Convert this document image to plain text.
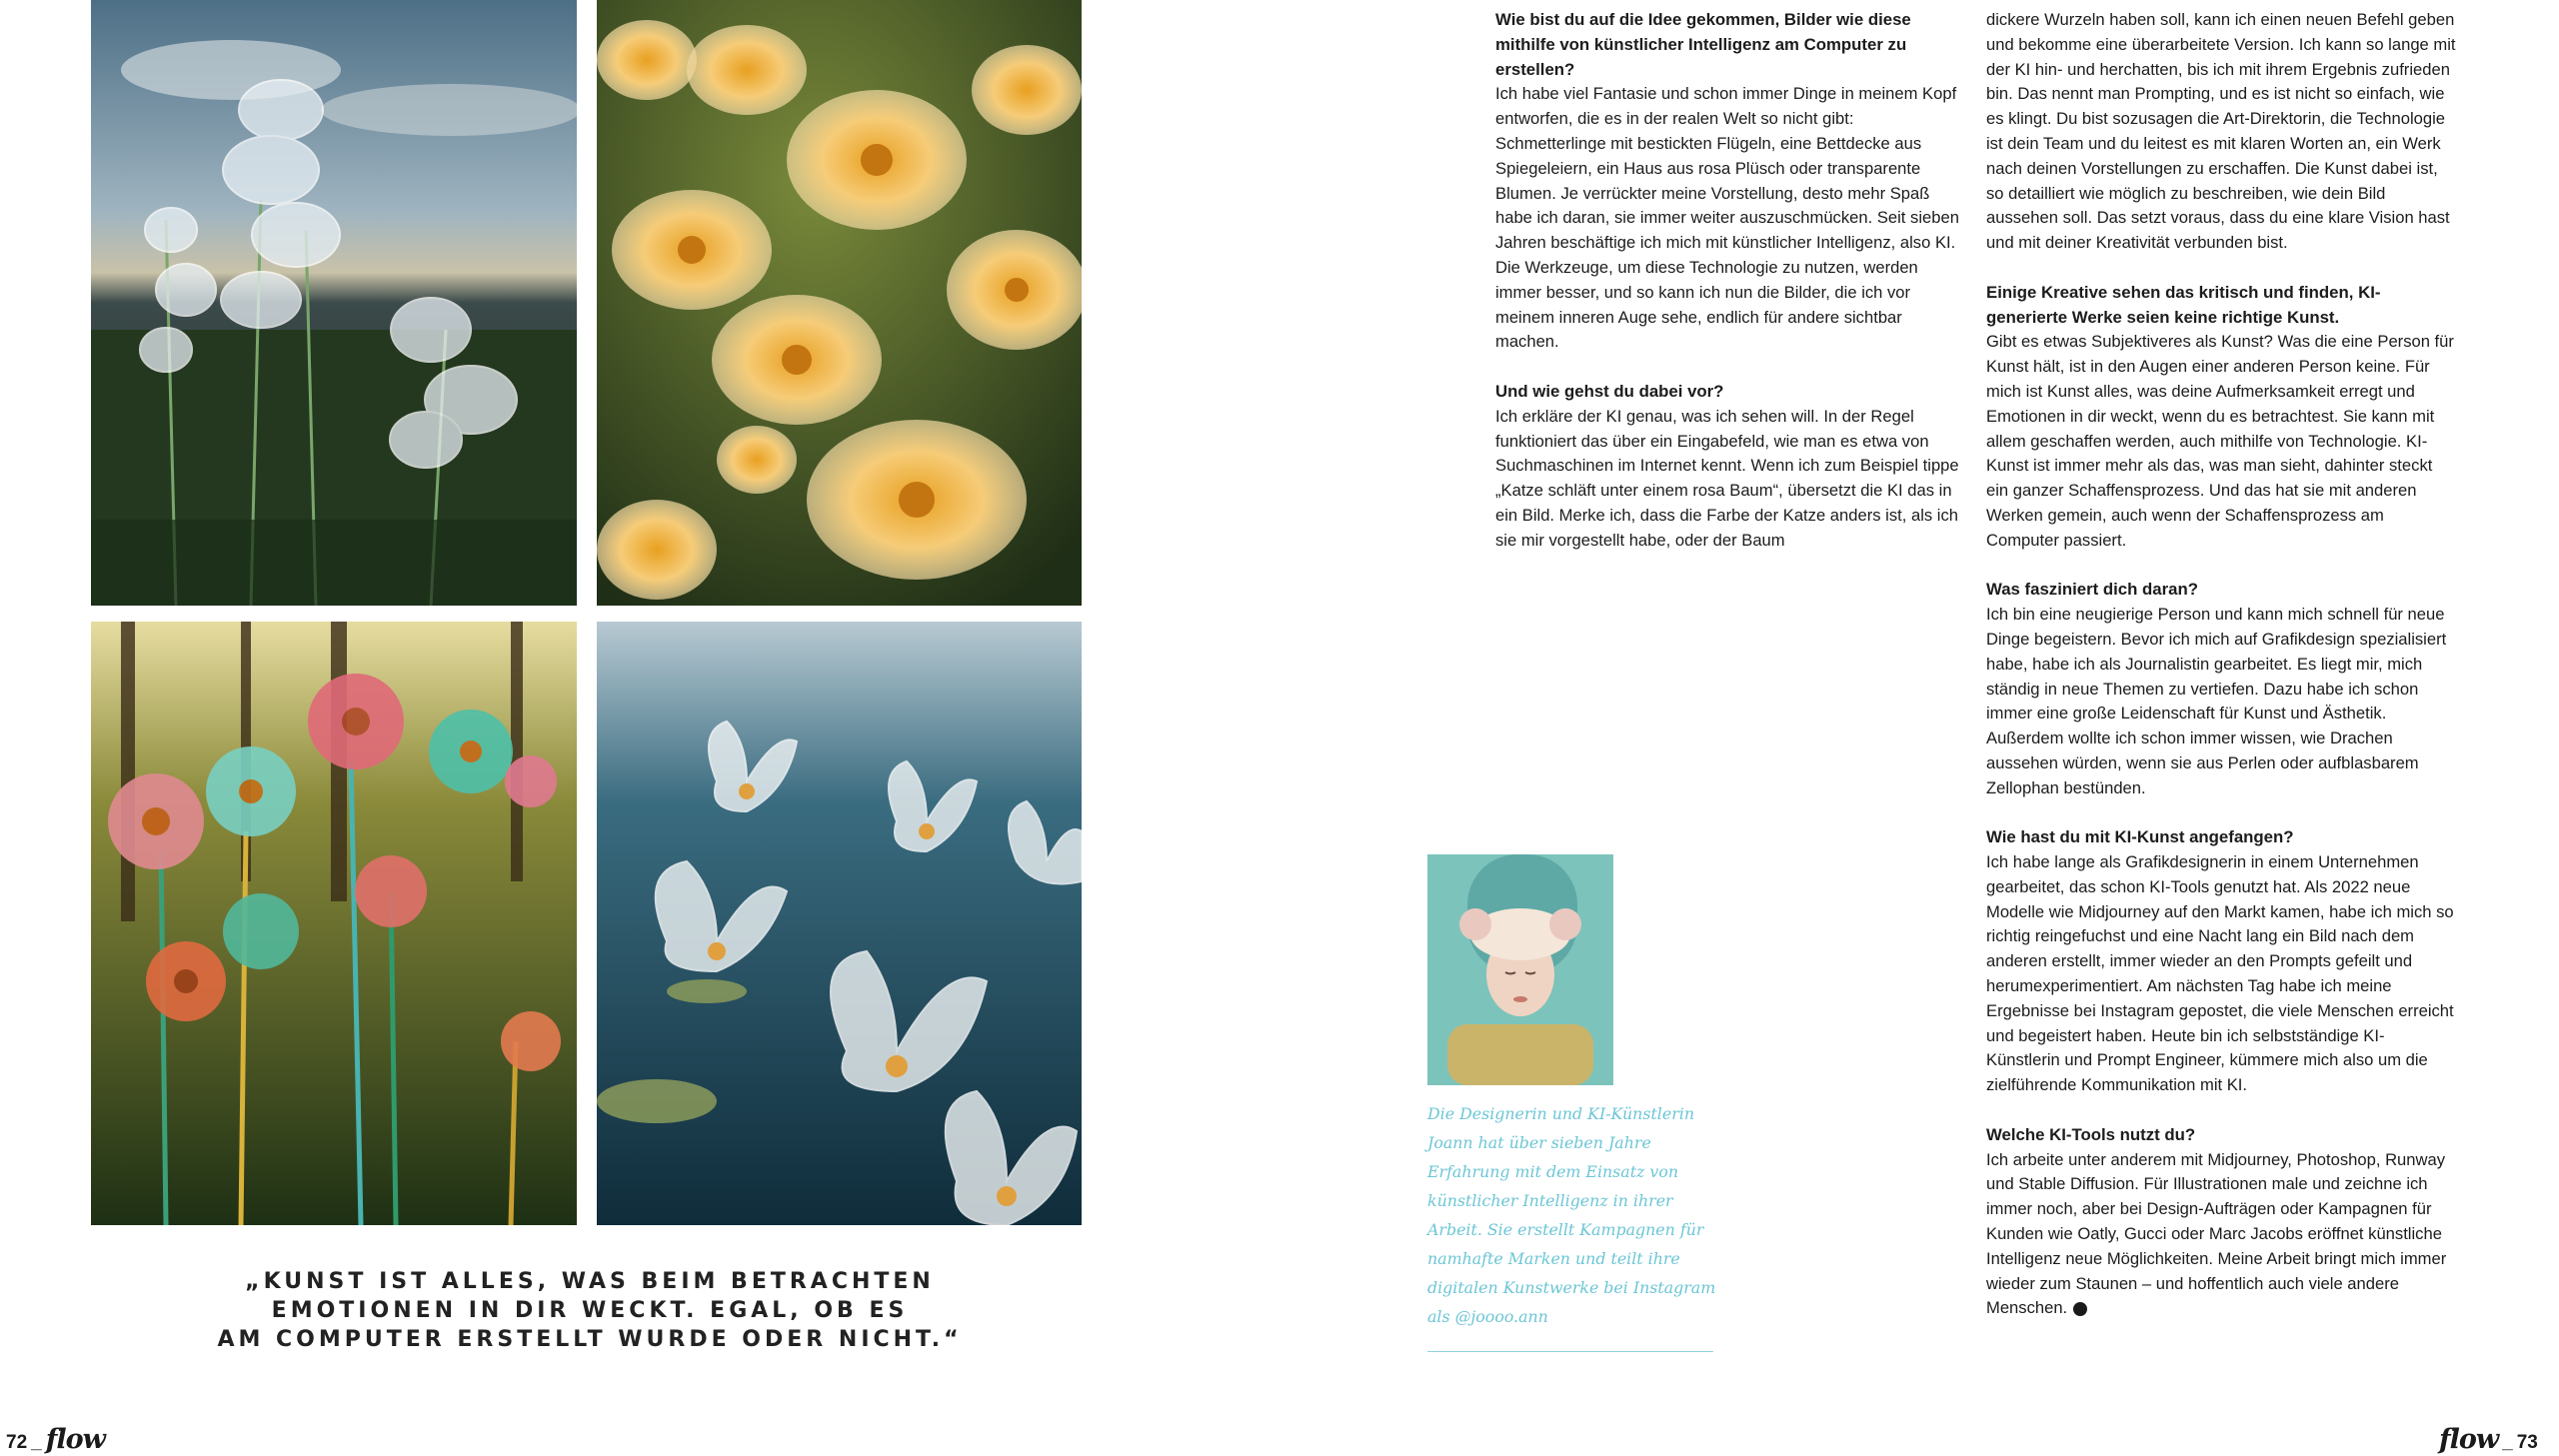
„KUNST IST ALLES, WAS BEIM BETRACHTEN
EMOTIONEN IN DIR WECKT. EGAL, OB ES
AM COMPUTER ERSTELLT WURDE ODER NICHT.“
72 _ flow	flow _ 73
Wie bist du auf die Idee gekommen, Bilder wie diese mithilfe von künstlicher Intelligenz am Computer zu erstellen?

Ich habe viel Fantasie und schon immer Dinge in meinem Kopf entworfen, die es in der realen Welt so nicht gibt: Schmetterlinge mit bestickten Flügeln, eine Bettdecke aus Spiegeleiern, ein Haus aus rosa Plüsch oder transparente Blumen. Je verrückter meine Vorstellung, desto mehr Spaß habe ich daran, sie immer weiter auszuschmücken. Seit sieben Jahren beschäftige ich mich mit künstlicher Intelligenz, also KI. Die Werkzeuge, um diese Technologie zu nutzen, werden immer besser, und so kann ich nun die Bilder, die ich vor meinem inneren Auge sehe, endlich für andere sichtbar machen.

Und wie gehst du dabei vor?

Ich erkläre der KI genau, was ich sehen will. In der Regel funktioniert das über ein Eingabefeld, wie man es etwa von Suchmaschinen im Internet kennt. Wenn ich zum Beispiel tippe „Katze schläft unter einem rosa Baum“, übersetzt die KI das in ein Bild. Merke ich, dass die Farbe der Katze anders ist, als ich sie mir vorgestellt habe, oder der Baum

dickere Wurzeln haben soll, kann ich einen neuen Befehl geben und bekomme eine überarbeitete Version. Ich kann so lange mit der KI hin- und herchatten, bis ich mit ihrem Ergebnis zufrieden bin. Das nennt man Prompting, und es ist nicht so einfach, wie es klingt. Du bist sozusagen die Art-Direktorin, die Technologie ist dein Team und du leitest es mit klaren Worten an, ein Werk nach deinen Vorstellungen zu erschaffen. Die Kunst dabei ist, so detailliert wie möglich zu beschreiben, wie dein Bild aussehen soll. Das setzt voraus, dass du eine klare Vision hast und mit deiner Kreativität verbunden bist.

Einige Kreative sehen das kritisch und finden, KI-generierte Werke seien keine richtige Kunst.

Gibt es etwas Subjektiveres als Kunst? Was die eine Person für Kunst hält, ist in den Augen einer anderen Person keine. Für mich ist Kunst alles, was deine Aufmerksamkeit erregt und Emotionen in dir weckt, wenn du es betrachtest. Sie kann mit allem geschaffen werden, auch mithilfe von Technologie. KI-Kunst ist immer mehr als das, was man sieht, dahinter steckt ein ganzer Schaffensprozess. Und das hat sie mit anderen Werken gemein, auch wenn der Schaffensprozess am Computer passiert.

Was fasziniert dich daran?

Ich bin eine neugierige Person und kann mich schnell für neue Dinge begeistern. Bevor ich mich auf Grafikdesign spezialisiert habe, habe ich als Journalistin gearbeitet. Es liegt mir, mich ständig in neue Themen zu vertiefen. Dazu habe ich schon immer eine große Leidenschaft für Kunst und Ästhetik. Außerdem wollte ich schon immer wissen, wie Drachen aussehen würden, wenn sie aus Perlen oder aufblasbarem Zellophan bestünden.

Wie hast du mit KI-Kunst angefangen?

Ich habe lange als Grafikdesignerin in einem Unternehmen gearbeitet, das schon KI-Tools genutzt hat. Als 2022 neue Modelle wie Midjourney auf den Markt kamen, habe ich mich so richtig reingefuchst und eine Nacht lang ein Bild nach dem anderen erstellt, immer wieder an den Prompts gefeilt und herumexperimentiert. Am nächsten Tag habe ich meine Ergebnisse bei Instagram gepostet, die viele Menschen erreicht und begeistert haben. Heute bin ich selbstständige KI-Künstlerin und Prompt Engineer, kümmere mich also um die zielführende Kommunikation mit KI.

Welche KI-Tools nutzt du?

Ich arbeite unter anderem mit Midjourney, Photoshop, Runway und Stable Diffusion. Für Illustrationen male und zeichne ich immer noch, aber bei Design-Aufträgen oder Kampagnen für Kunden wie Oatly, Gucci oder Marc Jacobs eröffnet künstliche Intelligenz neue Möglichkeiten. Meine Arbeit bringt mich immer wieder zum Staunen – und hoffentlich auch viele andere Menschen.

Die Designerin und KI-Künstlerin Joann hat über sieben Jahre Erfahrung mit dem Einsatz von künstlicher Intelligenz in ihrer Arbeit. Sie erstellt Kampagnen für namhafte Marken und teilt ihre digitalen Kunstwerke bei Instagram als @joooo.ann
